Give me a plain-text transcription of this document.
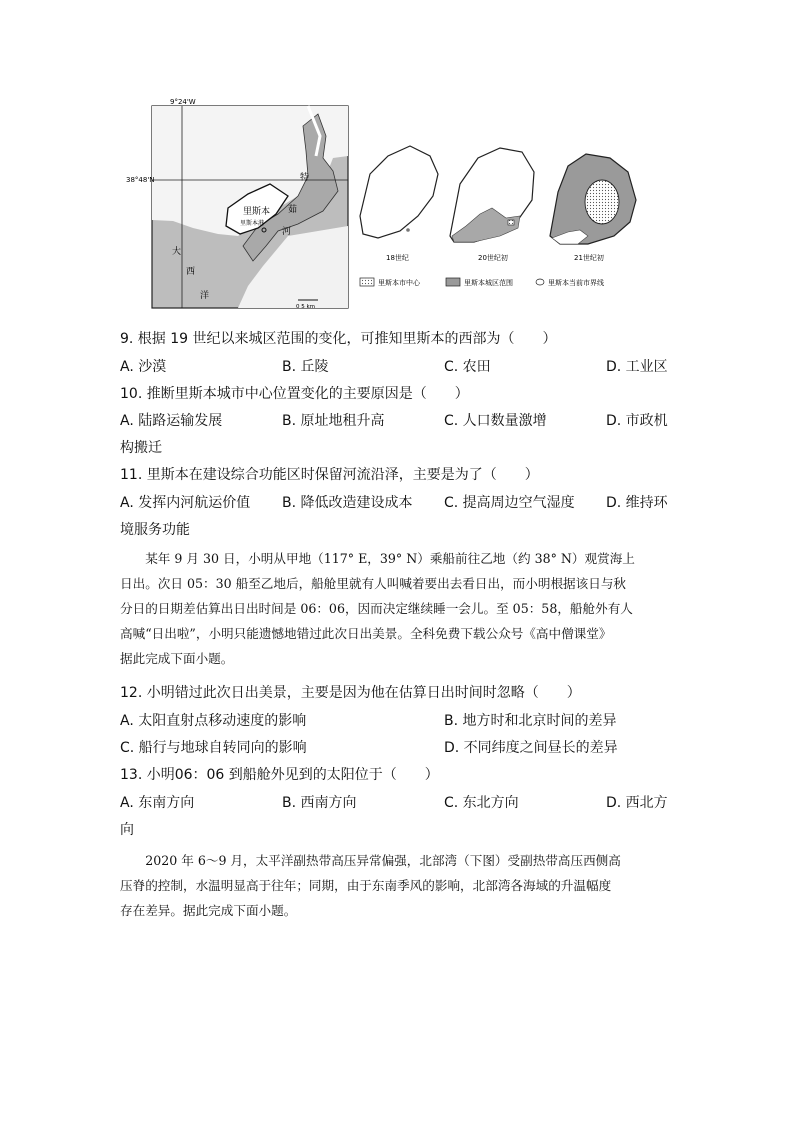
9°24'W
38°48'N
里斯本
里斯本港
特
茹
河
大
西
洋
0 5 km
18世纪	20世纪初	21世纪初
里斯本市中心	里斯本城区范围	里斯本当前市界线
9. 根据 19 世纪以来城区范围的变化，可推知里斯本的西部为（　　）
A. 沙漠	B. 丘陵	C. 农田	D. 工业区
10. 推断里斯本城市中心位置变化的主要原因是（　　）
A. 陆路运输发展	B. 原址地租升高	C. 人口数量激增	D. 市政机
构搬迁
11. 里斯本在建设综合功能区时保留河流沿泽，主要是为了（　　）
A. 发挥内河航运价值 B. 降低改造建设成本 C. 提高周边空气湿度 D. 维持环
境服务功能
　　某年 9 月 30 日，小明从甲地（117° E，39° N）乘船前往乙地（约 38° N）观赏海上
日出。次日 05：30 船至乙地后，船舱里就有人叫喊着要出去看日出，而小明根据该日与秋
分日的日期差估算出日出时间是 06：06，因而决定继续睡一会儿。至 05：58，船舱外有人
高喊“日出啦”，小明只能遗憾地错过此次日出美景。全科免费下载公众号《高中僧课堂》
据此完成下面小题。
12. 小明错过此次日出美景，主要是因为他在估算日出时间时忽略（　　）
A. 太阳直射点移动速度的影响	B. 地方时和北京时间的差异
C. 船行与地球自转同向的影响	D. 不同纬度之间昼长的差异
13. 小明06：06 到船舱外见到的太阳位于（　　）
A. 东南方向	B. 西南方向	C. 东北方向	D. 西北方
向
　　2020 年 6～9 月，太平洋副热带高压异常偏强，北部湾（下图）受副热带高压西侧高
压脊的控制，水温明显高于往年；同期，由于东南季风的影响，北部湾各海域的升温幅度
存在差异。据此完成下面小题。
